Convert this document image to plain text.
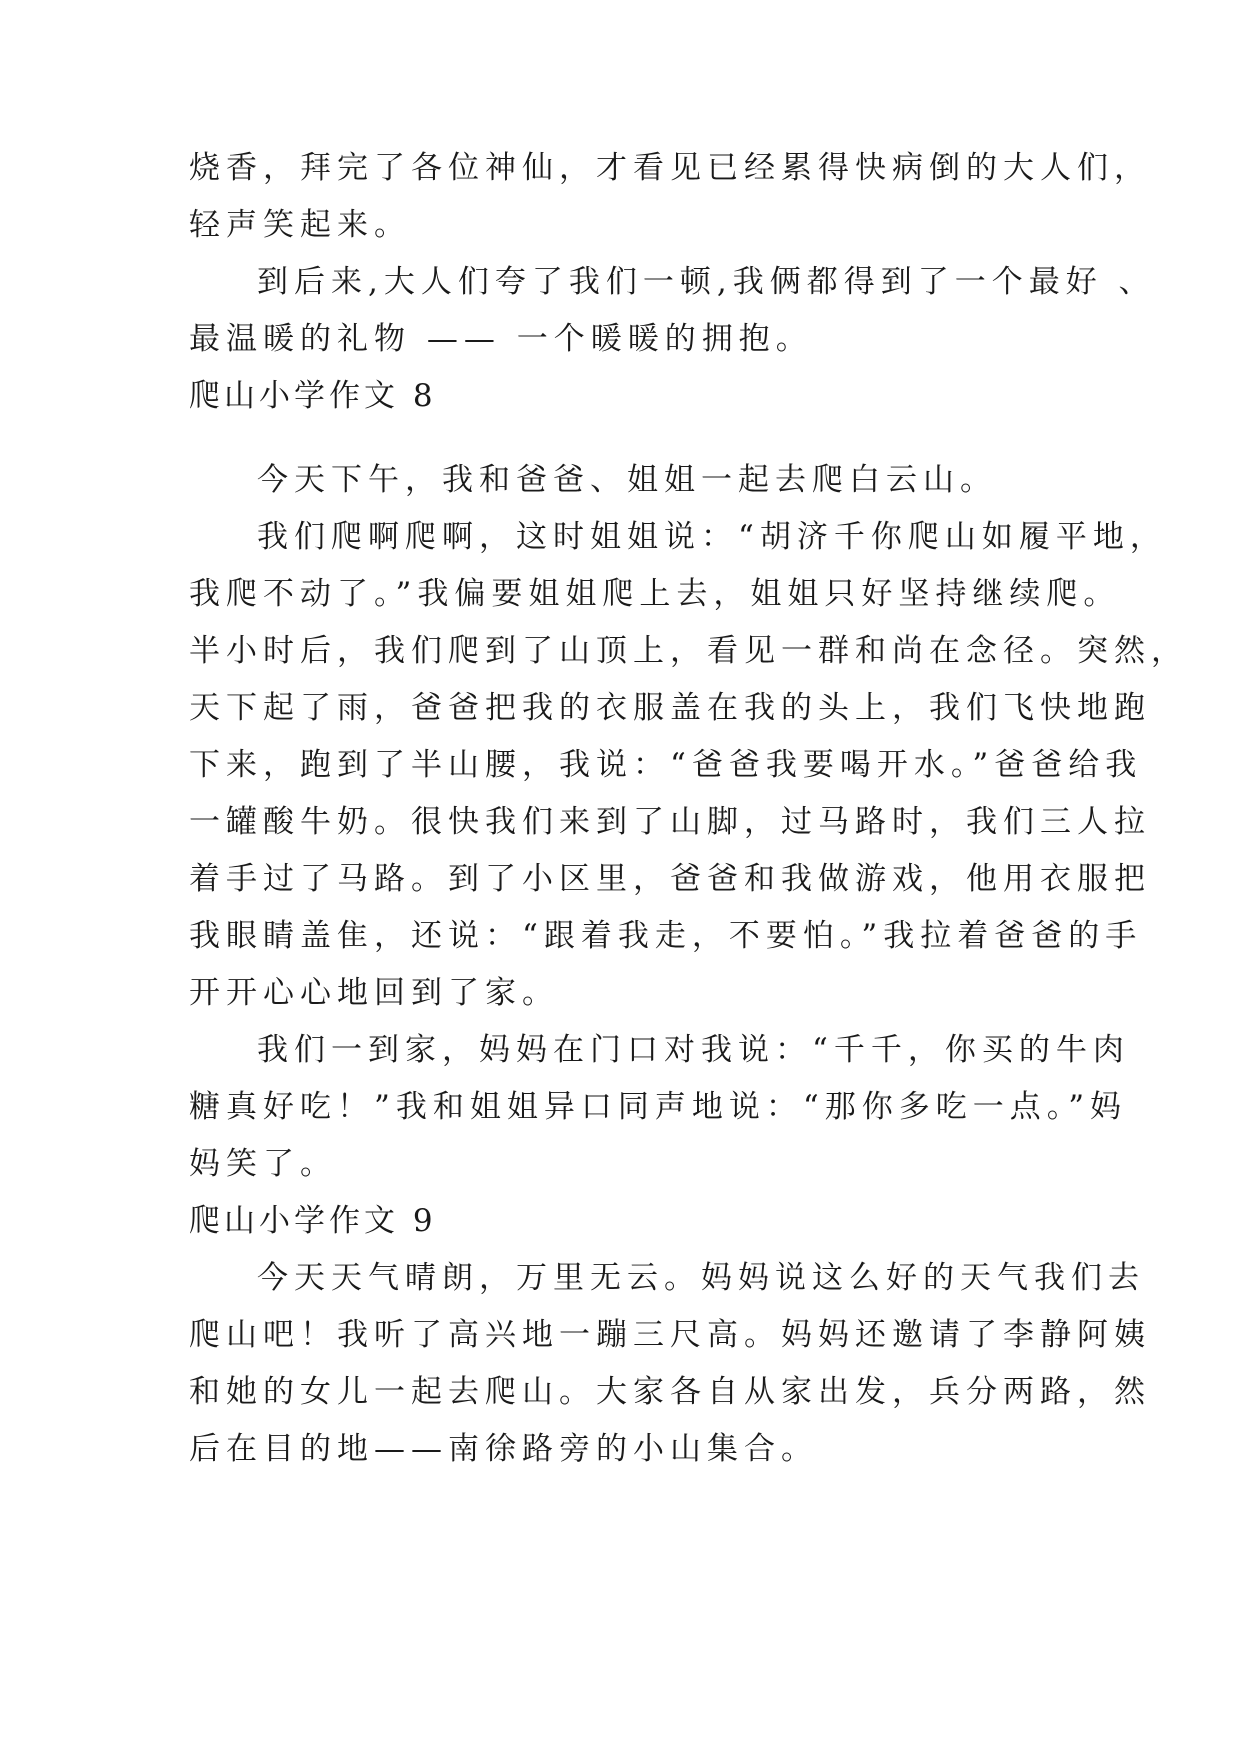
烧香，拜完了各位神仙，才看见已经累得快病倒的大人们，
轻声笑起来。
到后来,大人们夸了我们一顿,我俩都得到了一个最好 、
最温暖的礼物 —— 一个暖暖的拥抱。
爬山小学作文 8
今天下午，我和爸爸、姐姐一起去爬白云山。
我们爬啊爬啊，这时姐姐说：“胡济千你爬山如履平地，
我爬不动了。”我偏要姐姐爬上去，姐姐只好坚持继续爬。
半小时后，我们爬到了山顶上，看见一群和尚在念径。突然，
天下起了雨，爸爸把我的衣服盖在我的头上，我们飞快地跑
下来，跑到了半山腰，我说：“爸爸我要喝开水。”爸爸给我
一罐酸牛奶。很快我们来到了山脚，过马路时，我们三人拉
着手过了马路。到了小区里，爸爸和我做游戏，他用衣服把
我眼睛盖隹，还说：“跟着我走，不要怕。”我拉着爸爸的手
开开心心地回到了家。
我们一到家，妈妈在门口对我说：“千千，你买的牛肉
糖真好吃！”我和姐姐异口同声地说：“那你多吃一点。”妈
妈笑了。
爬山小学作文 9
今天天气晴朗，万里无云。妈妈说这么好的天气我们去
爬山吧！我听了高兴地一蹦三尺高。妈妈还邀请了李静阿姨
和她的女儿一起去爬山。大家各自从家出发，兵分两路，然
后在目的地——南徐路旁的小山集合。
